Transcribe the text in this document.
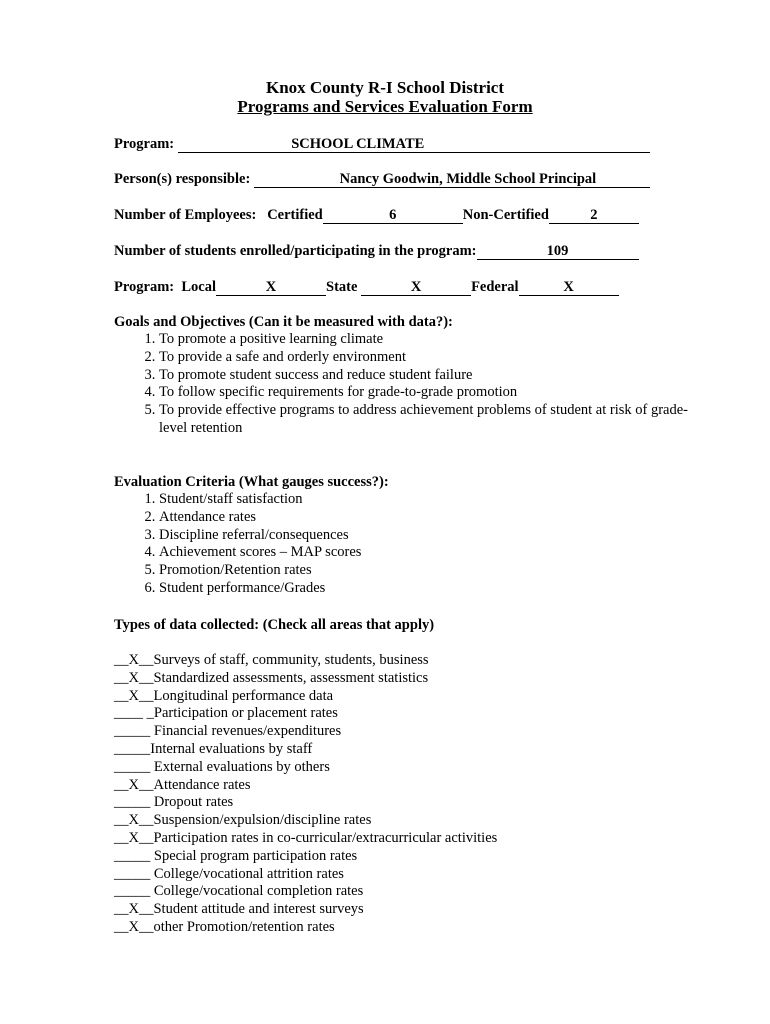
Knox County R-I School District
Programs and Services Evaluation Form
Program:	SCHOOL CLIMATE
Person(s) responsible:	Nancy Goodwin, Middle School Principal
Number of Employees: Certified	6	Non-Certified	2
Number of students enrolled/participating in the program:	109
Program: Local	X	State	X	Federal	X
Goals and Objectives (Can it be measured with data?):
1. To promote a positive learning climate
2. To provide a safe and orderly environment
3. To promote student success and reduce student failure
4. To follow specific requirements for grade-to-grade promotion
5. To provide effective programs to address achievement problems of student at risk of grade-level retention
Evaluation Criteria (What gauges success?):
1. Student/staff satisfaction
2. Attendance rates
3. Discipline referral/consequences
4. Achievement scores – MAP scores
5. Promotion/Retention rates
6. Student performance/Grades
Types of data collected: (Check all areas that apply)
__X__Surveys of staff, community, students, business
__X__Standardized assessments, assessment statistics
__X__Longitudinal performance data
____ _Participation or placement rates
_____ Financial revenues/expenditures
_____Internal evaluations by staff
_____ External evaluations by others
__X__Attendance rates
_____ Dropout rates
__X__Suspension/expulsion/discipline rates
__X__Participation rates in co-curricular/extracurricular activities
_____ Special program participation rates
_____ College/vocational attrition rates
_____ College/vocational completion rates
__X__Student attitude and interest surveys
__X__other Promotion/retention rates
